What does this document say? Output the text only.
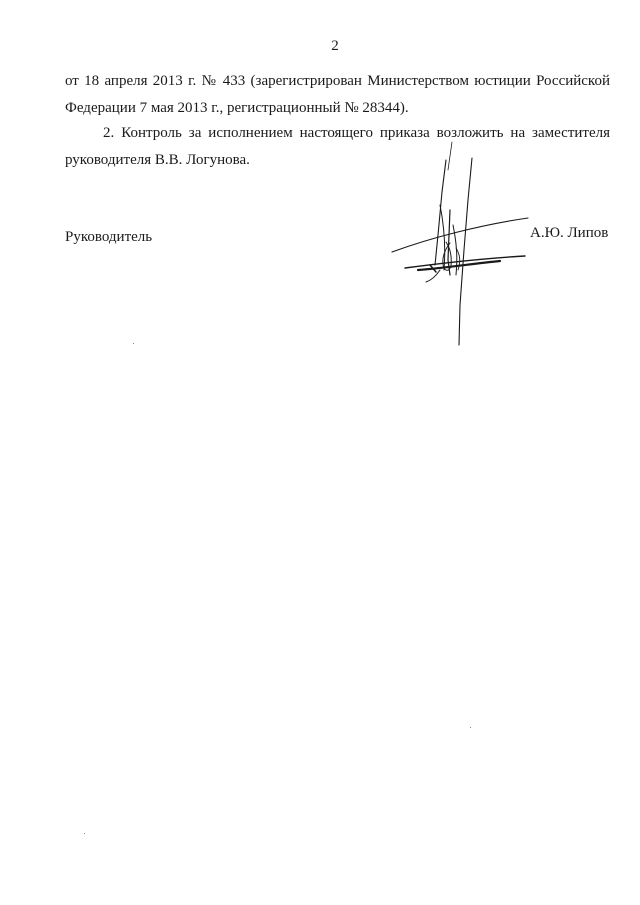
2
от 18 апреля 2013 г. № 433 (зарегистрирован Министерством юстиции Российской
Федерации 7 мая 2013 г., регистрационный № 28344).
2. Контроль за исполнением настоящего приказа возложить на заместителя
руководителя В.В. Логунова.
Руководитель	А.Ю. Липов
